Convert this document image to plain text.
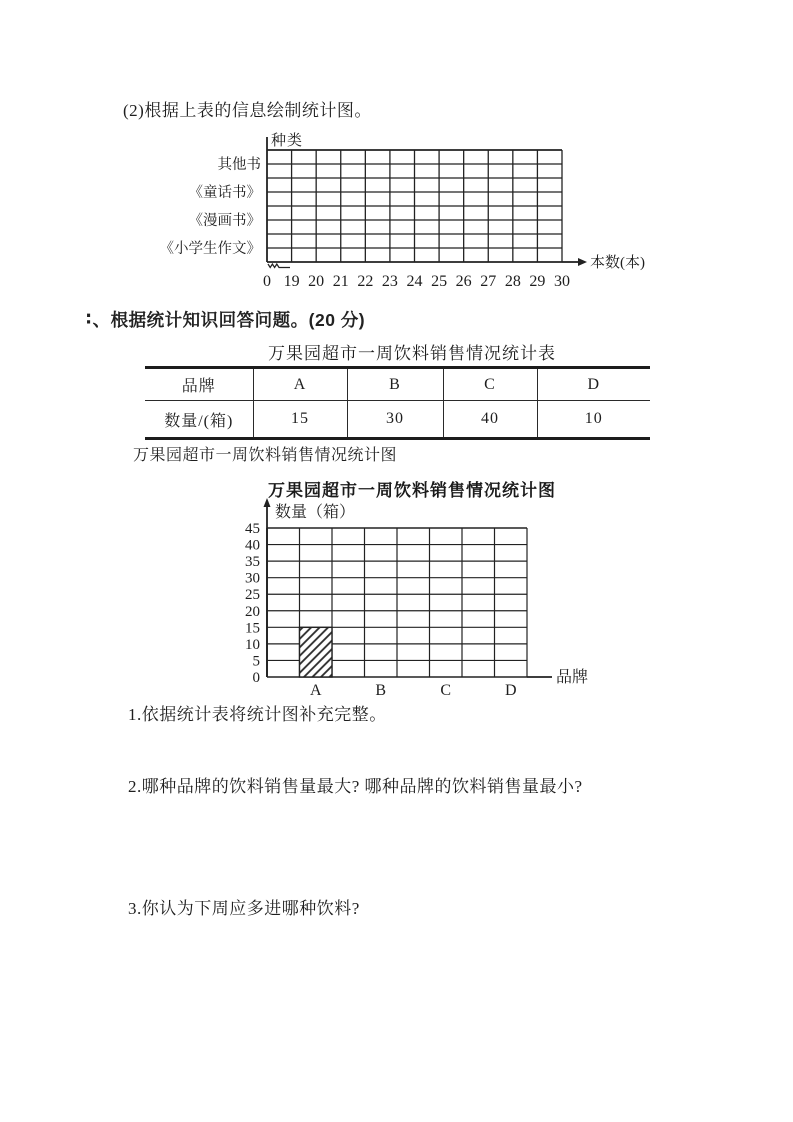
(2)根据上表的信息绘制统计图。
种类
其他书
《童话书》
《漫画书》
《小学生作文》
0 19 20 21 22 23 24 25 26 27 28 29 30
本数(本)
∶、根据统计知识回答问题。(20 分)
万果园超市一周饮料销售情况统计表
品牌	A	B	C	D
数量/(箱)	15	30	40	10
万果园超市一周饮料销售情况统计图
万果园超市一周饮料销售情况统计图
数量（箱）
45
40
35
30
25
20
15
10
5
0
A	B	C	D
品牌
1.依据统计表将统计图补充完整。
2.哪种品牌的饮料销售量最大? 哪种品牌的饮料销售量最小?
3.你认为下周应多进哪种饮料?
